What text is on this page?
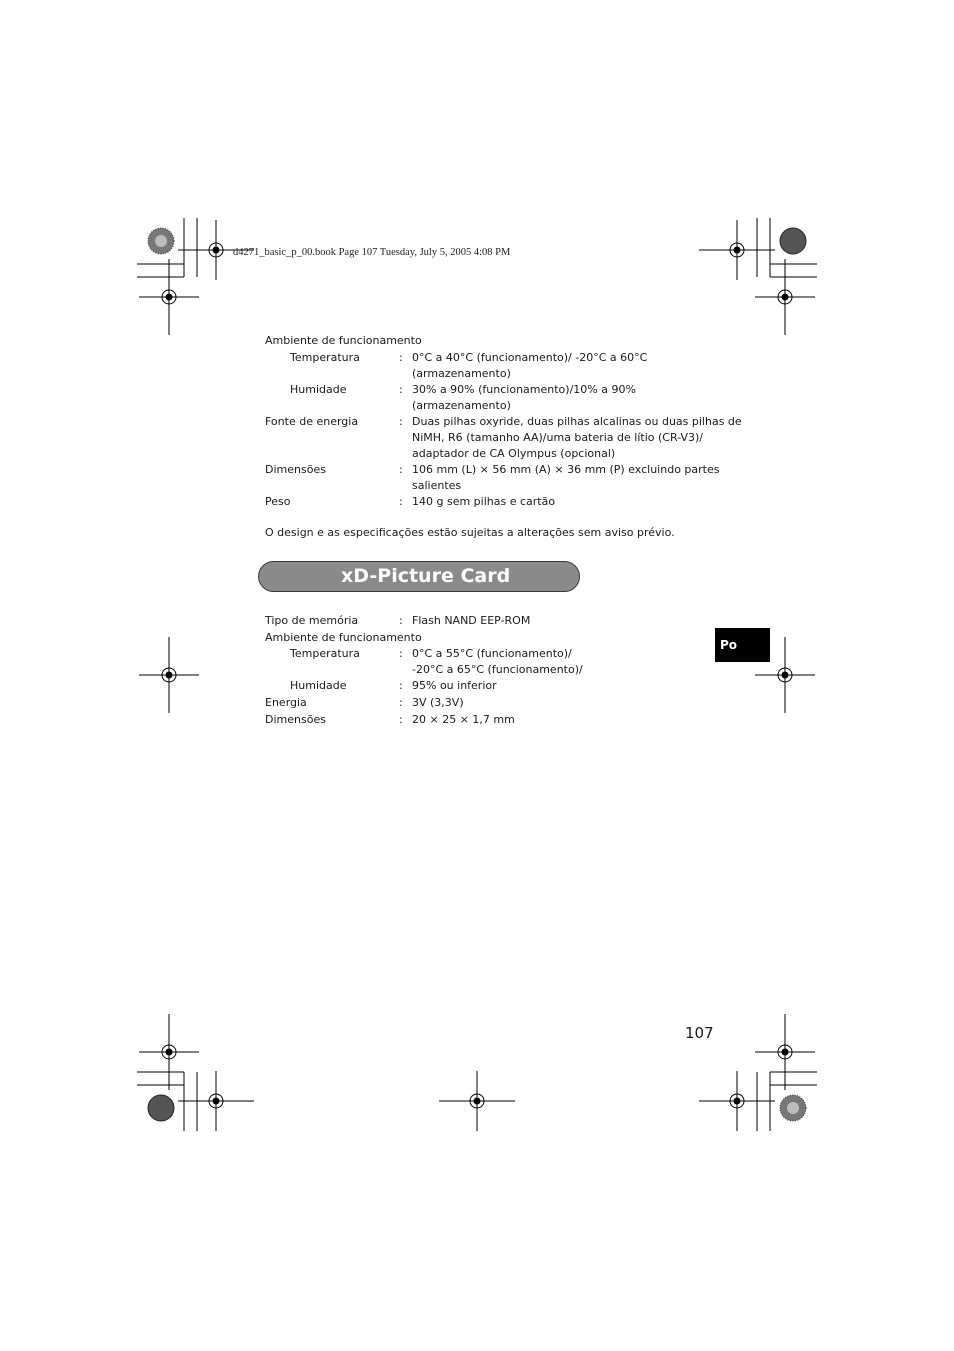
d4271_basic_p_00.book Page 107 Tuesday, July 5, 2005 4:08 PM
Ambiente de funcionamento
Temperatura	: 0°C a 40°C (funcionamento)/ -20°C a 60°C
(armazenamento)
Humidade	: 30% a 90% (funcionamento)/10% a 90%
(armazenamento)
Fonte de energia	: Duas pilhas oxyride, duas pilhas alcalinas ou duas pilhas de
NiMH, R6 (tamanho AA)/uma bateria de lítio (CR-V3)/
adaptador de CA Olympus (opcional)
Dimensões	: 106 mm (L) × 56 mm (A) × 36 mm (P) excluindo partes
salientes
Peso	: 140 g sem pilhas e cartão
O design e as especificações estão sujeitas a alterações sem aviso prévio.
xD-Picture Card
Tipo de memória	: Flash NAND EEP-ROM
Ambiente de funcionamento
Temperatura	: 0°C a 55°C (funcionamento)/
-20°C a 65°C (funcionamento)/
Humidade	: 95% ou inferior
Energia	: 3V (3,3V)
Dimensões	: 20 × 25 × 1,7 mm
Po
107
